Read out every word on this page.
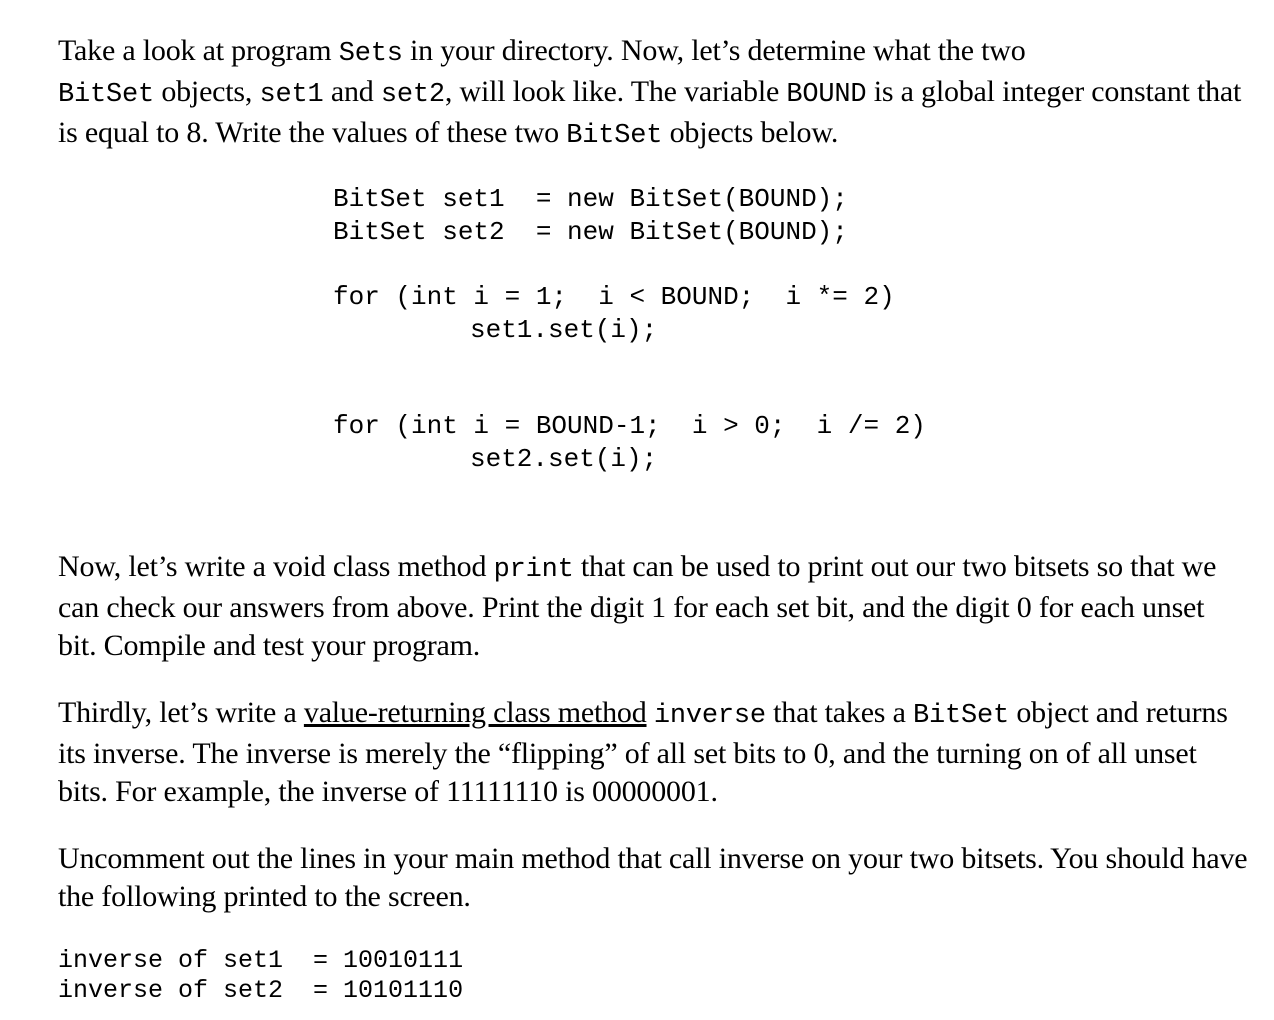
Take a look at program Sets in your directory. Now, let’s determine what the two
BitSet objects, set1 and set2, will look like. The variable BOUND is a global integer constant that is equal to 8. Write the values of these two BitSet objects below.

BitSet set1  = new BitSet(BOUND);
BitSet set2  = new BitSet(BOUND);
for (int i = 1;  i < BOUND;  i *= 2)
set1.set(i);
for (int i = BOUND-1;  i > 0;  i /= 2)
set2.set(i);

Now, let’s write a void class method print that can be used to print out our two bitsets so that we can check our answers from above. Print the digit 1 for each set bit, and the digit 0 for each unset bit. Compile and test your program.

Thirdly, let’s write a value-returning class method inverse that takes a BitSet object and returns its inverse. The inverse is merely the “flipping” of all set bits to 0, and the turning on of all unset bits. For example, the inverse of 11111110 is 00000001.

Uncomment out the lines in your main method that call inverse on your two bitsets. You should have the following printed to the screen.

inverse of set1  = 10010111
inverse of set2  = 10101110
